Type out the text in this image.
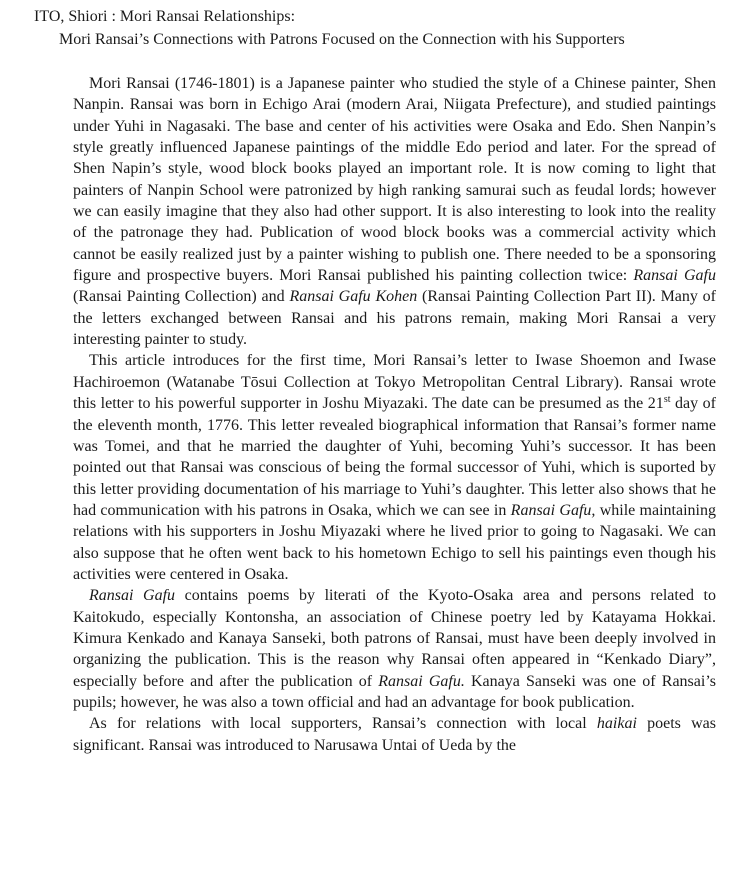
ITO, Shiori : Mori Ransai Relationships:
Mori Ransai’s Connections with Patrons Focused on the Connection with his Supporters

Mori Ransai (1746-1801) is a Japanese painter who studied the style of a Chinese painter, Shen Nanpin. Ransai was born in Echigo Arai (modern Arai, Niigata Prefecture), and studied paintings under Yuhi in Nagasaki. The base and center of his activities were Osaka and Edo. Shen Nanpin’s style greatly influenced Japanese paintings of the middle Edo period and later. For the spread of Shen Napin’s style, wood block books played an important role. It is now coming to light that painters of Nanpin School were patronized by high ranking samurai such as feudal lords; however we can easily imagine that they also had other support. It is also interesting to look into the reality of the patronage they had. Publication of wood block books was a commercial activity which cannot be easily realized just by a painter wishing to publish one. There needed to be a sponsoring figure and prospective buyers. Mori Ransai published his painting collection twice: Ransai Gafu (Ransai Painting Collection) and Ransai Gafu Kohen (Ransai Painting Collection Part II). Many of the letters exchanged between Ransai and his patrons remain, making Mori Ransai a very interesting painter to study.

This article introduces for the first time, Mori Ransai’s letter to Iwase Shoemon and Iwase Hachiroemon (Watanabe Tōsui Collection at Tokyo Metropolitan Central Library). Ransai wrote this letter to his powerful supporter in Joshu Miyazaki. The date can be presumed as the 21st day of the eleventh month, 1776. This letter revealed biographical information that Ransai’s former name was Tomei, and that he married the daughter of Yuhi, becoming Yuhi’s successor. It has been pointed out that Ransai was conscious of being the formal successor of Yuhi, which is suported by this letter providing documentation of his marriage to Yuhi’s daughter. This letter also shows that he had communication with his patrons in Osaka, which we can see in Ransai Gafu, while maintaining relations with his supporters in Joshu Miyazaki where he lived prior to going to Nagasaki. We can also suppose that he often went back to his hometown Echigo to sell his paintings even though his activities were centered in Osaka.

Ransai Gafu contains poems by literati of the Kyoto-Osaka area and persons related to Kaitokudo, especially Kontonsha, an association of Chinese poetry led by Katayama Hokkai. Kimura Kenkado and Kanaya Sanseki, both patrons of Ransai, must have been deeply involved in organizing the publication. This is the reason why Ransai often appeared in “Kenkado Diary”, especially before and after the publication of Ransai Gafu. Kanaya Sanseki was one of Ransai’s pupils; however, he was also a town official and had an advantage for book publication.

As for relations with local supporters, Ransai’s connection with local haikai poets was significant. Ransai was introduced to Narusawa Untai of Ueda by the
